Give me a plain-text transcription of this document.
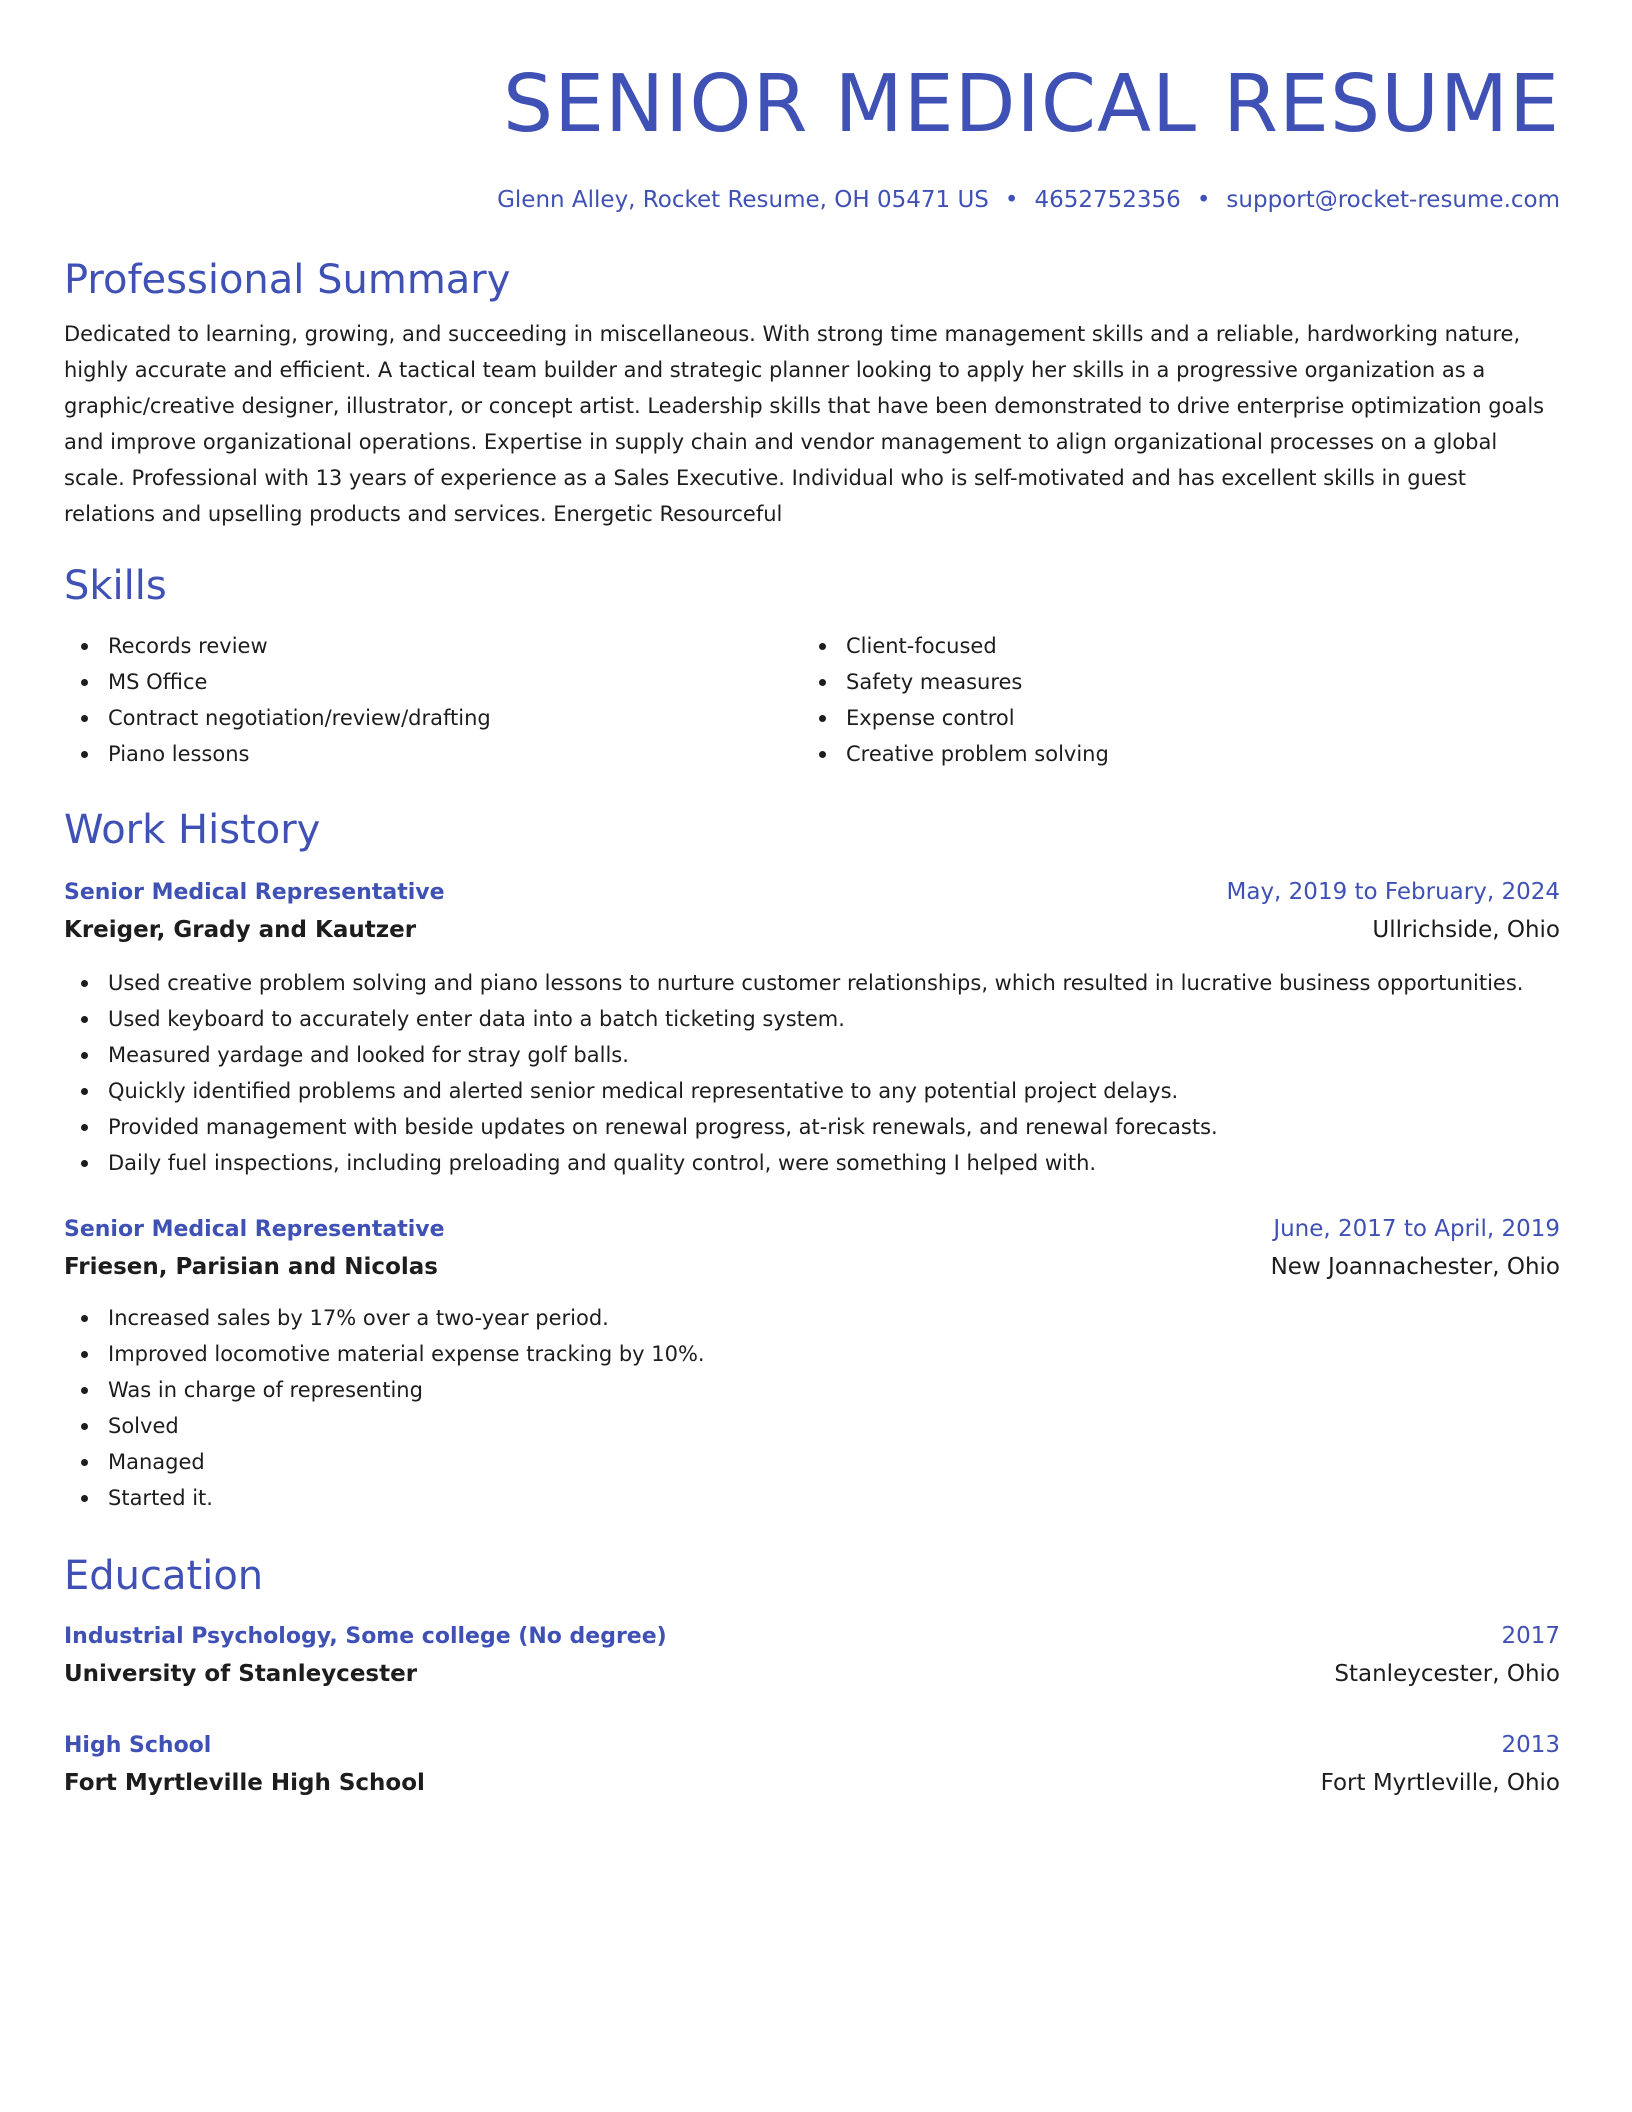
SENIOR MEDICAL RESUME
Glenn Alley, Rocket Resume, OH 05471 US • 4652752356 • support@rocket-resume.com
Professional Summary
Dedicated to learning, growing, and succeeding in miscellaneous. With strong time management skills and a reliable, hardworking nature, highly accurate and efficient. A tactical team builder and strategic planner looking to apply her skills in a progressive organization as a graphic/creative designer, illustrator, or concept artist. Leadership skills that have been demonstrated to drive enterprise optimization goals and improve organizational operations. Expertise in supply chain and vendor management to align organizational processes on a global scale. Professional with 13 years of experience as a Sales Executive. Individual who is self-motivated and has excellent skills in guest relations and upselling products and services. Energetic Resourceful
Skills
Records review
MS Office
Contract negotiation/review/drafting
Piano lessons
Client-focused
Safety measures
Expense control
Creative problem solving
Work History
Senior Medical Representative	May, 2019 to February, 2024
Kreiger, Grady and Kautzer	Ullrichside, Ohio
Used creative problem solving and piano lessons to nurture customer relationships, which resulted in lucrative business opportunities.
Used keyboard to accurately enter data into a batch ticketing system.
Measured yardage and looked for stray golf balls.
Quickly identified problems and alerted senior medical representative to any potential project delays.
Provided management with beside updates on renewal progress, at-risk renewals, and renewal forecasts.
Daily fuel inspections, including preloading and quality control, were something I helped with.
Senior Medical Representative	June, 2017 to April, 2019
Friesen, Parisian and Nicolas	New Joannachester, Ohio
Increased sales by 17% over a two-year period.
Improved locomotive material expense tracking by 10%.
Was in charge of representing
Solved
Managed
Started it.
Education
Industrial Psychology, Some college (No degree)	2017
University of Stanleycester	Stanleycester, Ohio
High School	2013
Fort Myrtleville High School	Fort Myrtleville, Ohio
